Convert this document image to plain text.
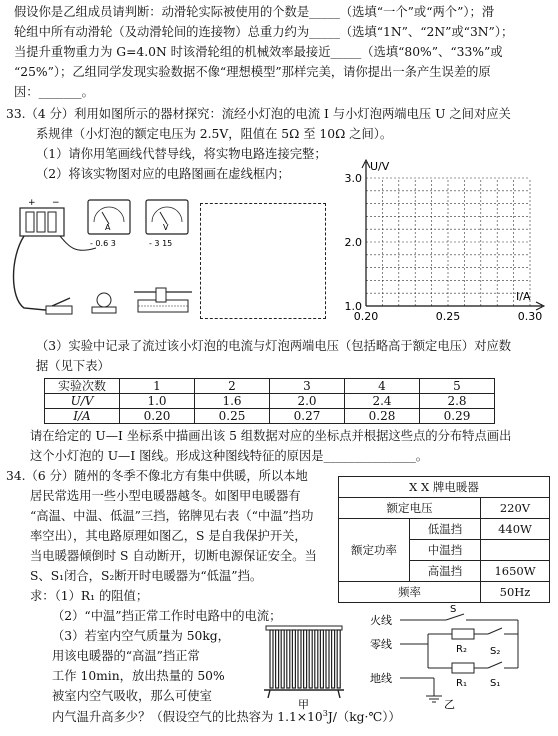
假设你是乙组成员请判断：动滑轮实际被使用的个数是_____（选填“一个”或“两个”）；滑
轮组中所有动滑轮（及动滑轮间的连接物）总重力约为_____（选填“1N”、“2N”或“3N”）；
当提升重物重力为 G=4.0N 时该滑轮组的机械效率最接近_____（选填“80%”、“33%”或
“25%”）；乙组同学发现实验数据不像“理想模型”那样完美，请你提出一条产生误差的原
因：_______。
33.（4 分）利用如图所示的器材探究：流经小灯泡的电流 I 与小灯泡两端电压 U 之间对应关
系规律（小灯泡的额定电压为 2.5V，阻值在 5Ω 至 10Ω 之间）。
（1）请你用笔画线代替导线，将实物电路连接完整；
（2）将该实物图对应的电路图画在虚线框内；
+ −
A
- 0.6 3
V
- 3 15
U/V
I/A
1.0
2.0
3.0
0.20	0.25	0.30
（3）实验中记录了流过该小灯泡的电流与灯泡两端电压（包括略高于额定电压）对应数
据（见下表）
实验次数	1	2	3	4	5
U/V	1.0	1.6	2.0	2.4	2.8
I/A	0.20	0.25	0.27	0.28	0.29
请在给定的 U—I 坐标系中描画出该 5 组数据对应的坐标点并根据这些点的分布特点画出
这个小灯泡的 U—I 图线。形成这种图线特征的原因是_______________。
34.（6 分）随州的冬季不像北方有集中供暖，所以本地
居民常选用一些小型电暖器越冬。如图甲电暖器有
“高温、中温、低温”三挡，铭牌见右表（“中温”挡功
率空出），其电路原理如图乙，S 是自我保护开关，
当电暖器倾倒时 S 自动断开，切断电源保证安全。当
S、S₁闭合，S₂断开时电暖器为“低温”挡。
求：（1）R₁ 的阻值；
（2）“中温”挡正常工作时电路中的电流；
（3）若室内空气质量为 50kg，
用该电暖器的“高温”挡正常
工作 10min，放出热量的 50%
被室内空气吸收，那么可使室
内气温升高多少？（假设空气的比热容为 $1.1\times 10^3J/(kg\cdot℃)$）
X X 牌电暖器		
额定电压		220V
额定功率	低温挡	440W
	中温挡	
	高温挡	1650W
频率		50Hz
甲
火线
零线
地线
S
R₂ S₂
R₁ S₁
乙
